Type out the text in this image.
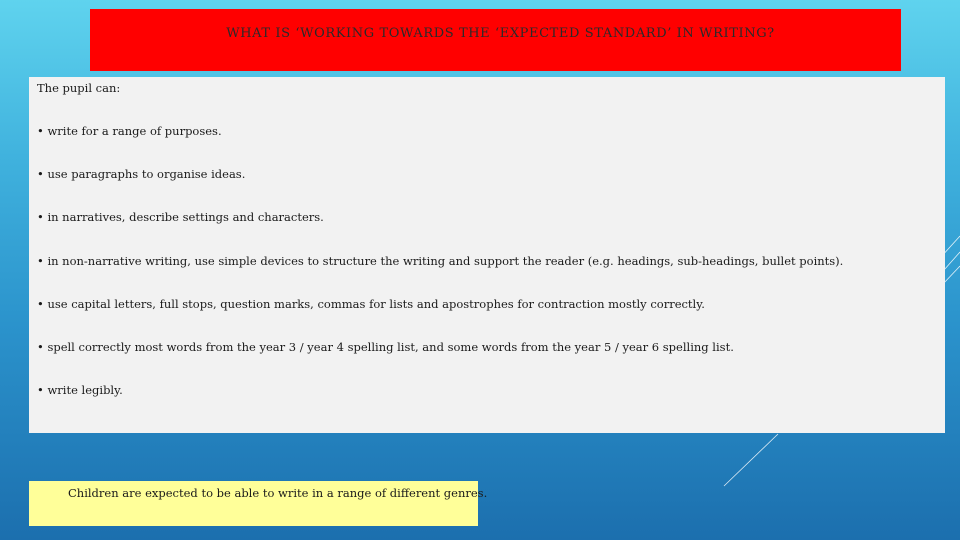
WHAT IS ‘WORKING TOWARDS THE ‘EXPECTED STANDARD’ IN WRITING?
The pupil can:
• write for a range of purposes.
• use paragraphs to organise ideas.
• in narratives, describe settings and characters.
• in non-narrative writing, use simple devices to structure the writing and support the reader (e.g. headings, sub-headings, bullet points).
• use capital letters, full stops, question marks, commas for lists and apostrophes for contraction mostly correctly.
• spell correctly most words from the year 3 / year 4 spelling list, and some words from the year 5 / year 6 spelling list.
• write legibly.
Children are expected to be able to write in a range of different genres.
